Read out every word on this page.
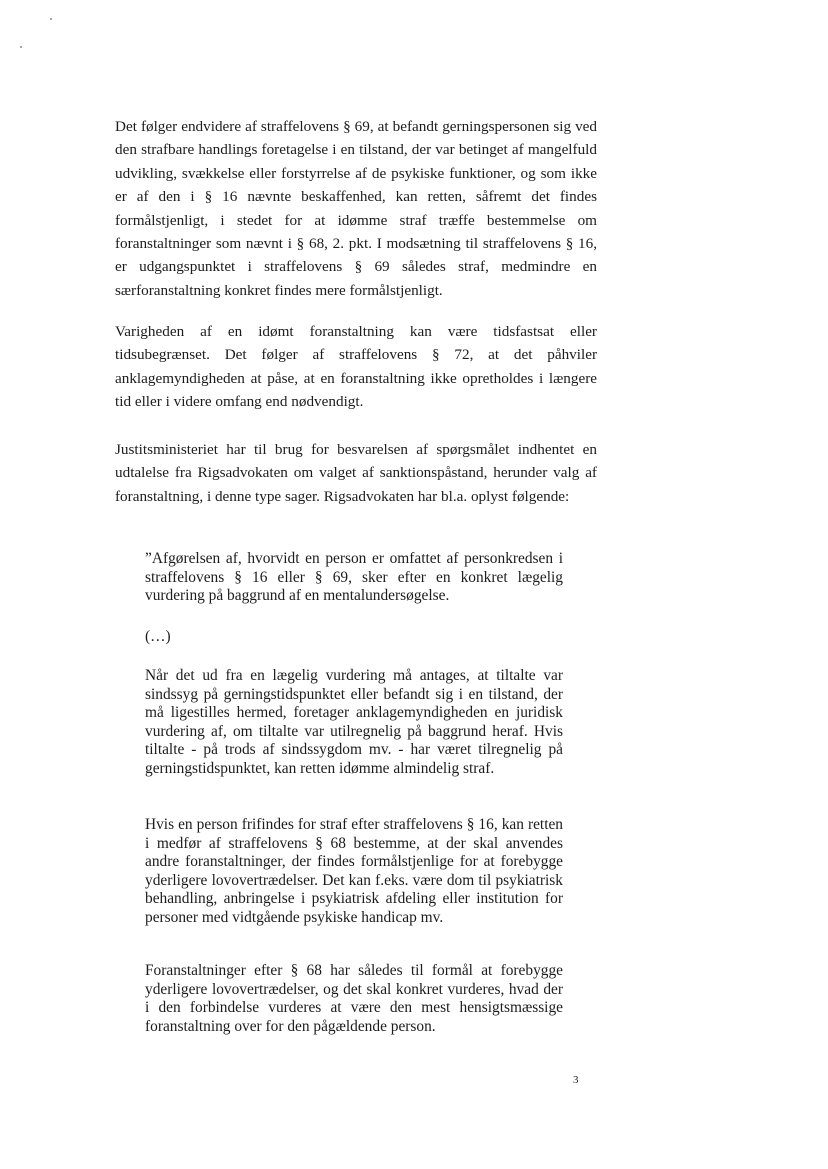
Det følger endvidere af straffelovens § 69, at befandt gerningspersonen sig ved den strafbare handlings foretagelse i en tilstand, der var betinget af mangelfuld udvikling, svækkelse eller forstyrrelse af de psykiske funktioner, og som ikke er af den i § 16 nævnte beskaffenhed, kan retten, såfremt det findes formålstjenligt, i stedet for at idømme straf træffe bestemmelse om foranstaltninger som nævnt i § 68, 2. pkt. I modsætning til straffelovens § 16, er udgangspunktet i straffelovens § 69 således straf, medmindre en særforanstaltning konkret findes mere formålstjenligt.

Varigheden af en idømt foranstaltning kan være tidsfastsat eller tidsubegrænset. Det følger af straffelovens § 72, at det påhviler anklagemyndigheden at påse, at en foranstaltning ikke opretholdes i længere tid eller i videre omfang end nødvendigt.

Justitsministeriet har til brug for besvarelsen af spørgsmålet indhentet en udtalelse fra Rigsadvokaten om valget af sanktionspåstand, herunder valg af foranstaltning, i denne type sager. Rigsadvokaten har bl.a. oplyst følgende:

”Afgørelsen af, hvorvidt en person er omfattet af personkredsen i straffelovens § 16 eller § 69, sker efter en konkret lægelig vurdering på baggrund af en mentalundersøgelse.

(…)

Når det ud fra en lægelig vurdering må antages, at tiltalte var sindssyg på gerningstidspunktet eller befandt sig i en tilstand, der må ligestilles hermed, foretager anklagemyndigheden en juridisk vurdering af, om tiltalte var utilregnelig på baggrund heraf. Hvis tiltalte - på trods af sindssygdom mv. - har været tilregnelig på gerningstidspunktet, kan retten idømme almindelig straf.

Hvis en person frifindes for straf efter straffelovens § 16, kan retten i medfør af straffelovens § 68 bestemme, at der skal anvendes andre foranstaltninger, der findes formålstjenlige for at forebygge yderligere lovovertrædelser. Det kan f.eks. være dom til psykiatrisk behandling, anbringelse i psykiatrisk afdeling eller institution for personer med vidtgående psykiske handicap mv.

Foranstaltninger efter § 68 har således til formål at forebygge yderligere lovovertrædelser, og det skal konkret vurderes, hvad der i den forbindelse vurderes at være den mest hensigtsmæssige foranstaltning over for den pågældende person.

3
